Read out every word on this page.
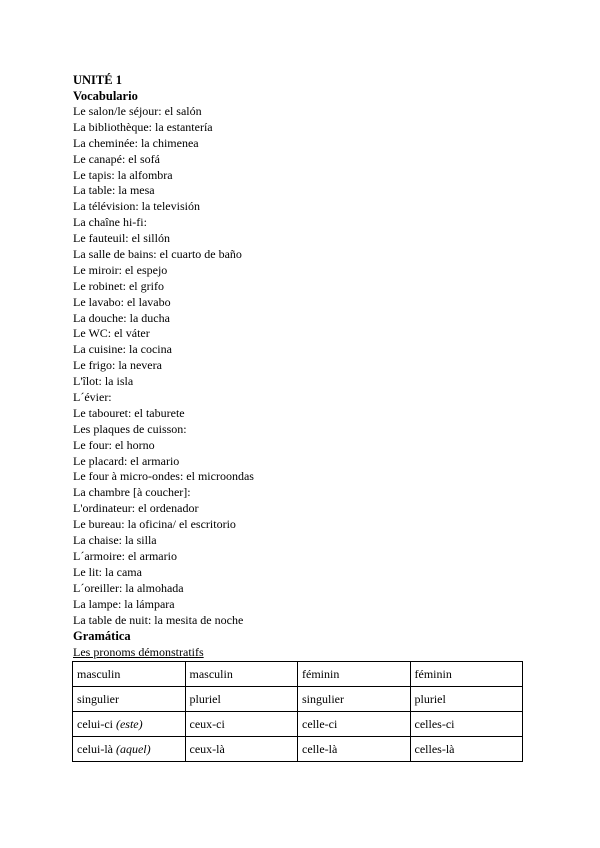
UNITÉ 1
Vocabulario
Le salon/le séjour: el salón
La bibliothèque: la estantería
La cheminée: la chimenea
Le canapé: el sofá
Le tapis: la alfombra
La table: la mesa
La télévision: la televisión
La chaîne hi-fi:
Le fauteuil: el sillón
La salle de bains: el cuarto de baño
Le miroir: el espejo
Le robinet: el grifo
Le lavabo: el lavabo
La douche: la ducha
Le WC: el váter
La cuisine: la cocina
Le frigo: la nevera
L'îlot: la isla
L´évier:
Le tabouret: el taburete
Les plaques de cuisson:
Le four: el horno
Le placard: el armario
Le four à micro-ondes: el microondas
La chambre [à coucher]:
L'ordinateur: el ordenador
Le bureau: la oficina/ el escritorio
La chaise: la silla
L´armoire: el armario
Le lit: la cama
L´oreiller: la almohada
La lampe: la lámpara
La table de nuit: la mesita de noche
Gramática
Les pronoms démonstratifs
masculin	masculin	féminin	féminin
singulier	pluriel	singulier	pluriel
celui-ci (este)	ceux-ci	celle-ci	celles-ci
celui-là (aquel)	ceux-là	celle-là	celles-là
